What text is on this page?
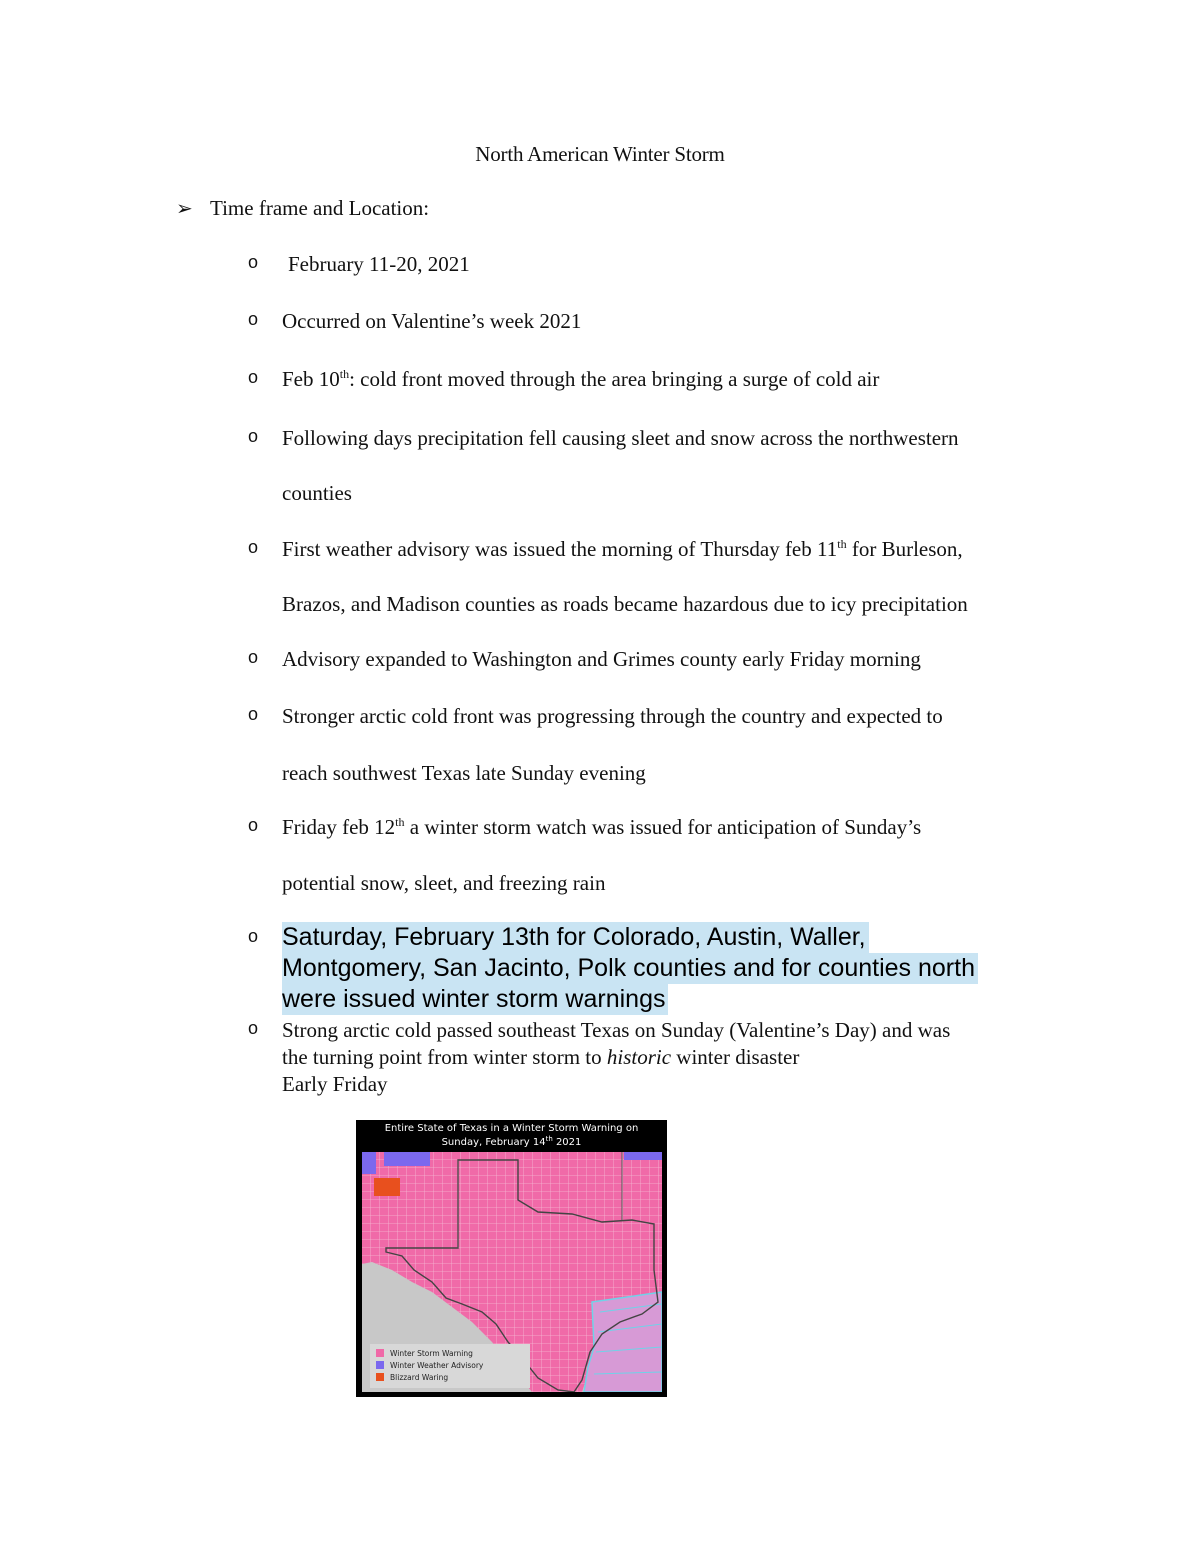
North American Winter Storm
➢ Time frame and Location:
o February 11-20, 2021
o Occurred on Valentine’s week 2021
o Feb 10th: cold front moved through the area bringing a surge of cold air
o Following days precipitation fell causing sleet and snow across the northwestern
counties
o First weather advisory was issued the morning of Thursday feb 11th for Burleson,
Brazos, and Madison counties as roads became hazardous due to icy precipitation
o Advisory expanded to Washington and Grimes county early Friday morning
o Stronger arctic cold front was progressing through the country and expected to
reach southwest Texas late Sunday evening
o Friday feb 12th a winter storm watch was issued for anticipation of Sunday’s
potential snow, sleet, and freezing rain
o Saturday, February 13th for Colorado, Austin, Waller,
Montgomery, San Jacinto, Polk counties and for counties north
were issued winter storm warnings
o Strong arctic cold passed southeast Texas on Sunday (Valentine’s Day) and was
the turning point from winter storm to historic winter disaster
Early Friday
Entire State of Texas in a Winter Storm Warning on
Sunday, February 14th 2021
Winter Storm Warning
Winter Weather Advisory
Blizzard Waring
